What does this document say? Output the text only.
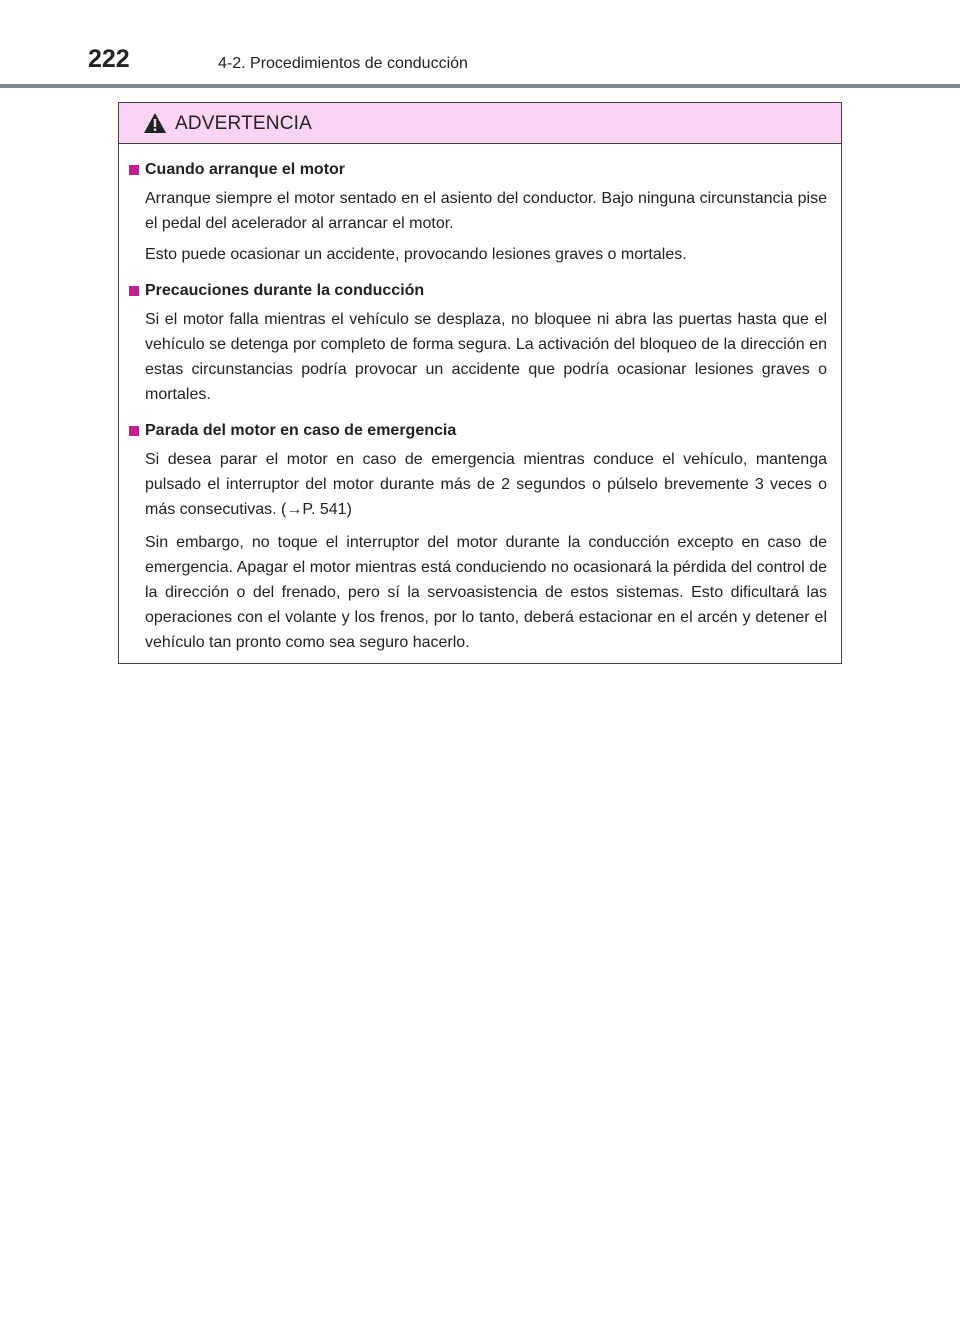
222	4-2. Procedimientos de conducción
ADVERTENCIA
Cuando arranque el motor

Arranque siempre el motor sentado en el asiento del conductor. Bajo ninguna circunstancia pise el pedal del acelerador al arrancar el motor.

Esto puede ocasionar un accidente, provocando lesiones graves o mortales.

Precauciones durante la conducción

Si el motor falla mientras el vehículo se desplaza, no bloquee ni abra las puertas hasta que el vehículo se detenga por completo de forma segura. La activación del bloqueo de la dirección en estas circunstancias podría provocar un accidente que podría ocasionar lesiones graves o mortales.

Parada del motor en caso de emergencia

Si desea parar el motor en caso de emergencia mientras conduce el vehículo, mantenga pulsado el interruptor del motor durante más de 2 segundos o púlselo brevemente 3 veces o más consecutivas. (→P. 541)

Sin embargo, no toque el interruptor del motor durante la conducción excepto en caso de emergencia. Apagar el motor mientras está conduciendo no ocasionará la pérdida del control de la dirección o del frenado, pero sí la servoasistencia de estos sistemas. Esto dificultará las operaciones con el volante y los frenos, por lo tanto, deberá estacionar en el arcén y detener el vehículo tan pronto como sea seguro hacerlo.
